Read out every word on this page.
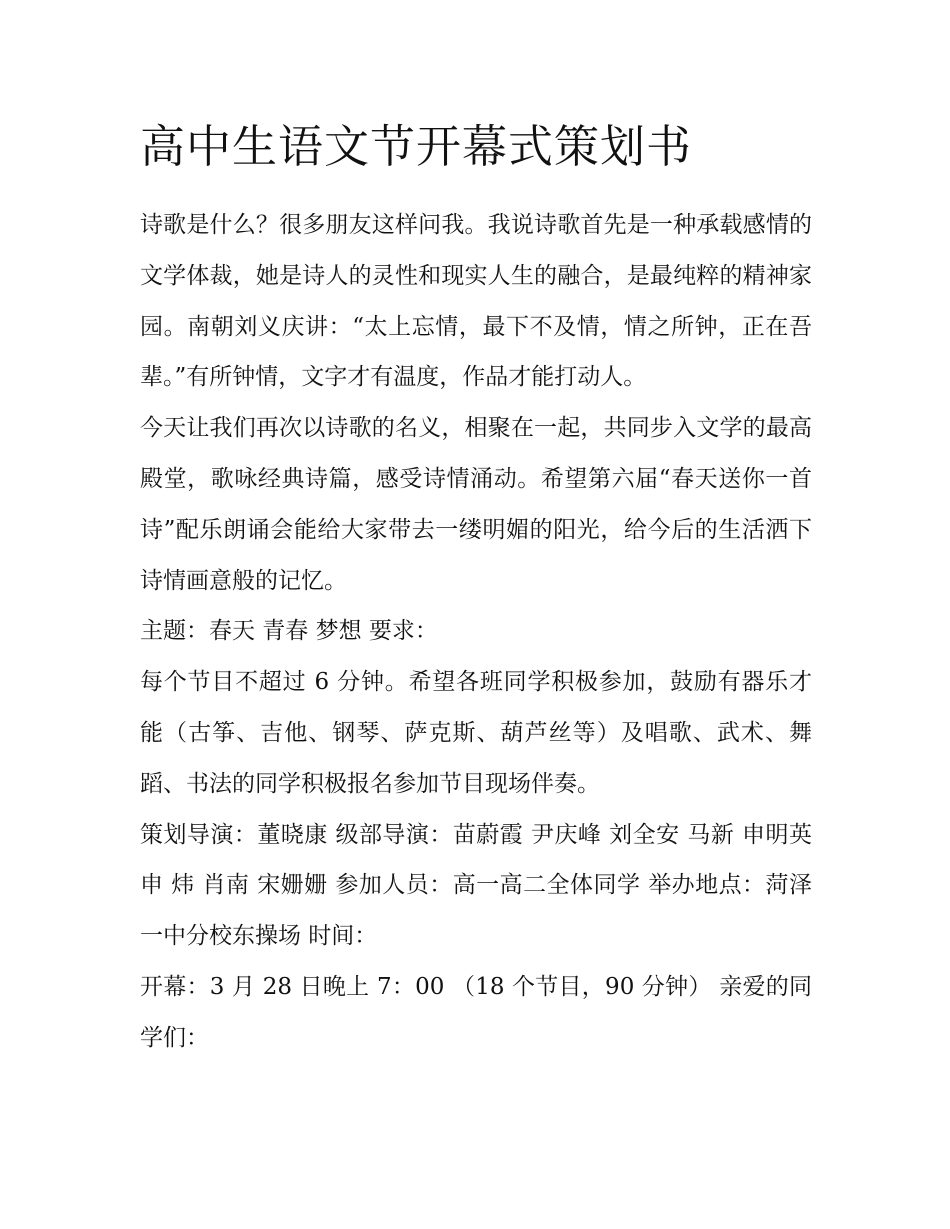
高中生语文节开幕式策划书

诗歌是什么？很多朋友这样问我。我说诗歌首先是一种承载感情的文学体裁，她是诗人的灵性和现实人生的融合，是最纯粹的精神家园。南朝刘义庆讲：“太上忘情，最下不及情，情之所钟，正在吾辈。”有所钟情，文字才有温度，作品才能打动人。

今天让我们再次以诗歌的名义，相聚在一起，共同步入文学的最高殿堂，歌咏经典诗篇，感受诗情涌动。希望第六届“春天送你一首诗”配乐朗诵会能给大家带去一缕明媚的阳光，给今后的生活洒下诗情画意般的记忆。

主题：春天 青春 梦想 要求：

每个节目不超过 6 分钟。希望各班同学积极参加，鼓励有器乐才能（古筝、吉他、钢琴、萨克斯、葫芦丝等）及唱歌、武术、舞蹈、书法的同学积极报名参加节目现场伴奏。

策划导演：董晓康 级部导演：苗蔚霞 尹庆峰 刘全安 马新 申明英 申 炜 肖南 宋姗姗 参加人员：高一高二全体同学 举办地点：菏泽一中分校东操场 时间：

开幕：3 月 28 日晚上 7：00 （18 个节目，90 分钟） 亲爱的同学们：
